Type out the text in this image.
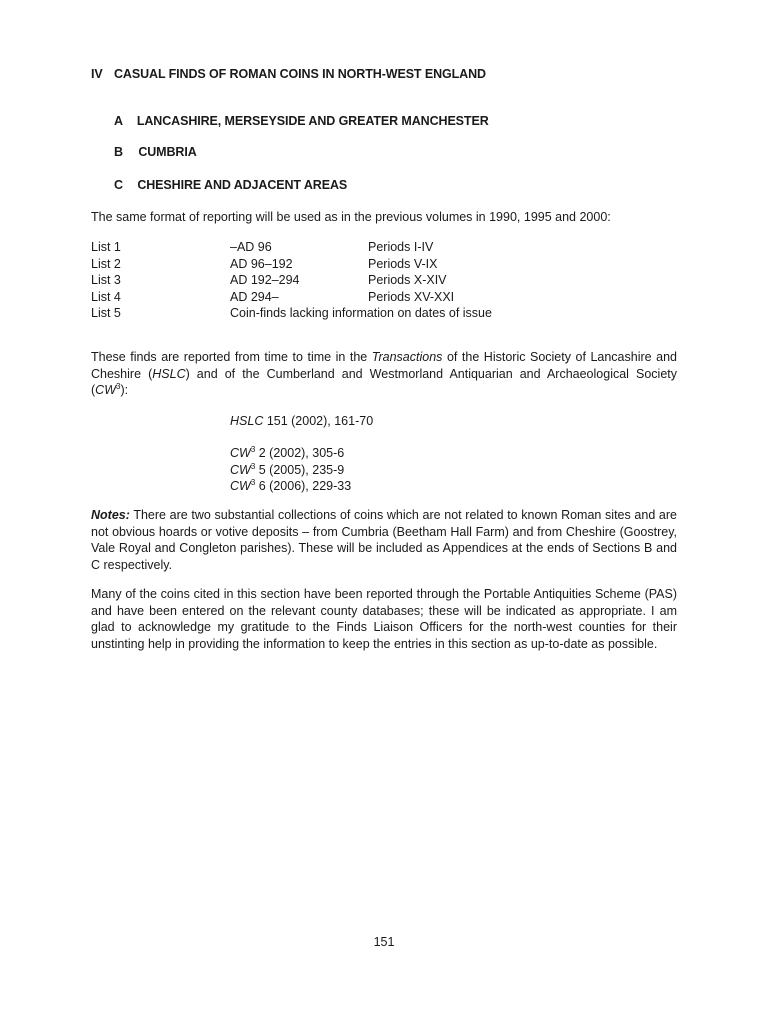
IV CASUAL FINDS OF ROMAN COINS IN NORTH-WEST ENGLAND
A LANCASHIRE, MERSEYSIDE AND GREATER MANCHESTER
B CUMBRIA
C CHESHIRE AND ADJACENT AREAS
The same format of reporting will be used as in the previous volumes in 1990, 1995 and 2000:
List 1	–AD 96	Periods I-IV
List 2	AD 96–192	Periods V-IX
List 3	AD 192–294	Periods X-XIV
List 4	AD 294–	Periods XV-XXI
List 5	Coin-finds lacking information on dates of issue
These finds are reported from time to time in the Transactions of the Historic Society of Lancashire and Cheshire (HSLC) and of the Cumberland and Westmorland Antiquarian and Archaeological Society $(CW^3)$:
HSLC 151 (2002), 161-70
$CW^3$ 2 (2002), 305-6
$CW^3$ 5 (2005), 235-9
$CW^3$ 6 (2006), 229-33
Notes: There are two substantial collections of coins which are not related to known Roman sites and are not obvious hoards or votive deposits – from Cumbria (Beetham Hall Farm) and from Cheshire (Goostrey, Vale Royal and Congleton parishes). These will be included as Appendices at the ends of Sections B and C respectively.
Many of the coins cited in this section have been reported through the Portable Antiquities Scheme (PAS) and have been entered on the relevant county databases; these will be indicated as appropriate. I am glad to acknowledge my gratitude to the Finds Liaison Officers for the north-west counties for their unstinting help in providing the information to keep the entries in this section as up-to-date as possible.
151
